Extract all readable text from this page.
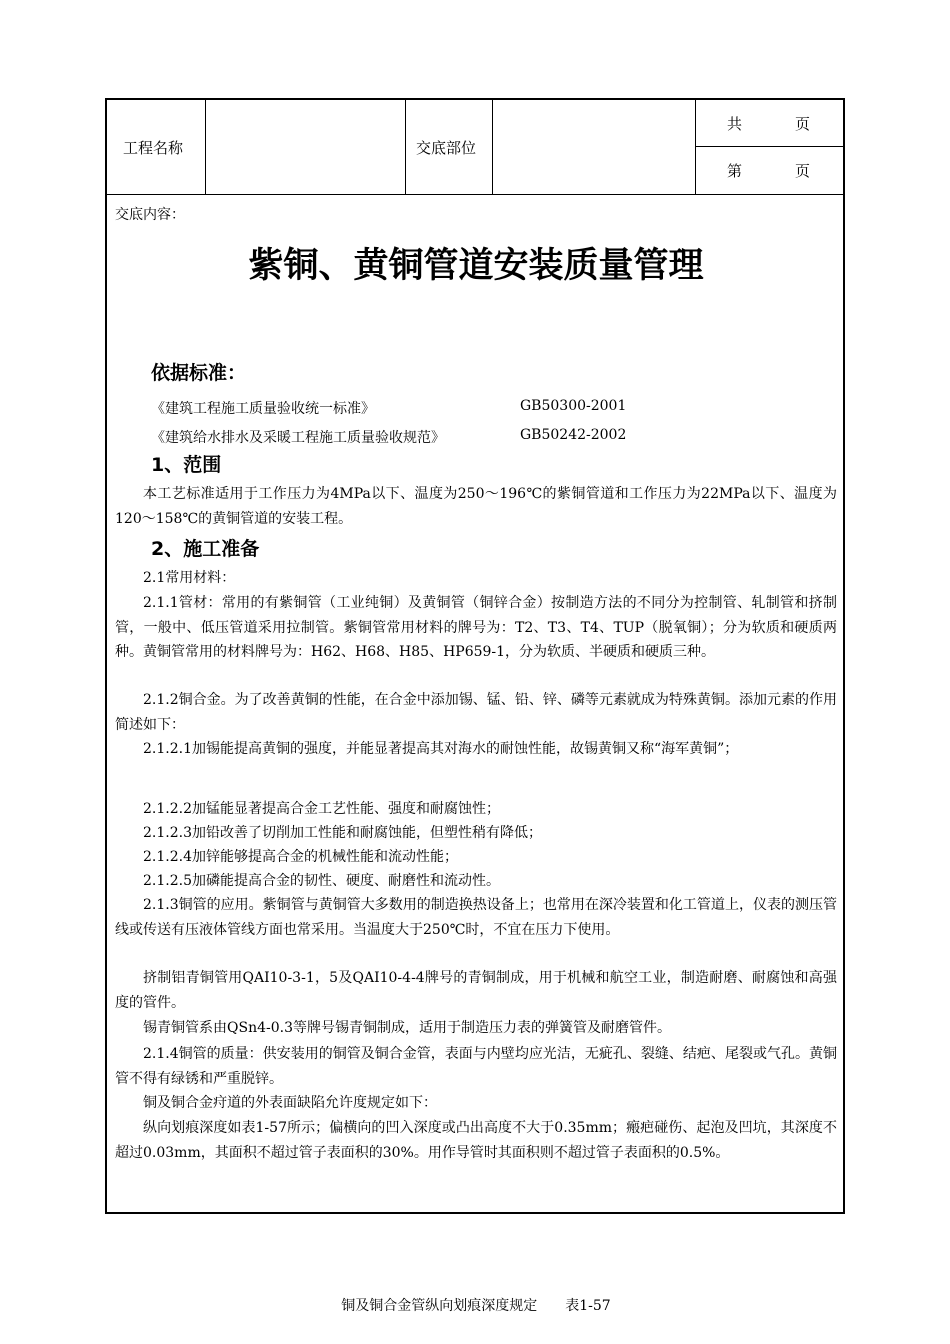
工程名称	交底部位
共	页
第	页
交底内容：
紫铜、黄铜管道安装质量管理
依据标准：
《建筑工程施工质量验收统一标准》	GB50300-2001
《建筑给水排水及采暖工程施工质量验收规范》	GB50242-2002
1、范围
本工艺标准适用于工作压力为4MPa以下、温度为250～196℃的紫铜管道和工作压力为22MPa以下、温度为120～158℃的黄铜管道的安装工程。
2、施工准备
2.1常用材料：
2.1.1管材：常用的有紫铜管（工业纯铜）及黄铜管（铜锌合金）按制造方法的不同分为控制管、轧制管和挤制管，一般中、低压管道采用拉制管。紫铜管常用材料的牌号为：T2、T3、T4、TUP（脱氧铜）；分为软质和硬质两种。黄铜管常用的材料牌号为：H62、H68、H85、HP659-1，分为软质、半硬质和硬质三种。
2.1.2铜合金。为了改善黄铜的性能，在合金中添加锡、锰、铅、锌、磷等元素就成为特殊黄铜。添加元素的作用简述如下：
2.1.2.1加锡能提高黄铜的强度，并能显著提高其对海水的耐蚀性能，故锡黄铜又称“海军黄铜”；
2.1.2.2加锰能显著提高合金工艺性能、强度和耐腐蚀性；
2.1.2.3加铅改善了切削加工性能和耐腐蚀能，但塑性稍有降低；
2.1.2.4加锌能够提高合金的机械性能和流动性能；
2.1.2.5加磷能提高合金的韧性、硬度、耐磨性和流动性。
2.1.3铜管的应用。紫铜管与黄铜管大多数用的制造换热设备上；也常用在深冷装置和化工管道上，仪表的测压管线或传送有压液体管线方面也常采用。当温度大于250℃时，不宜在压力下使用。
挤制铝青铜管用QAI10-3-1，5及QAI10-4-4牌号的青铜制成，用于机械和航空工业，制造耐磨、耐腐蚀和高强度的管件。
锡青铜管系由QSn4-0.3等牌号锡青铜制成，适用于制造压力表的弹簧管及耐磨管件。
2.1.4铜管的质量：供安装用的铜管及铜合金管，表面与内壁均应光洁，无疵孔、裂缝、结疤、尾裂或气孔。黄铜管不得有绿锈和严重脱锌。
铜及铜合金疛道的外表面缺陷允许度规定如下：
纵向划痕深度如表1-57所示；偏横向的凹入深度或凸出高度不大于0.35mm；瘢疤碰伤、起泡及凹坑，其深度不超过0.03mm，其面积不超过管子表面积的30%。用作导管时其面积则不超过管子表面积的0.5%。
铜及铜合金管纵向划痕深度规定　　表1-57
